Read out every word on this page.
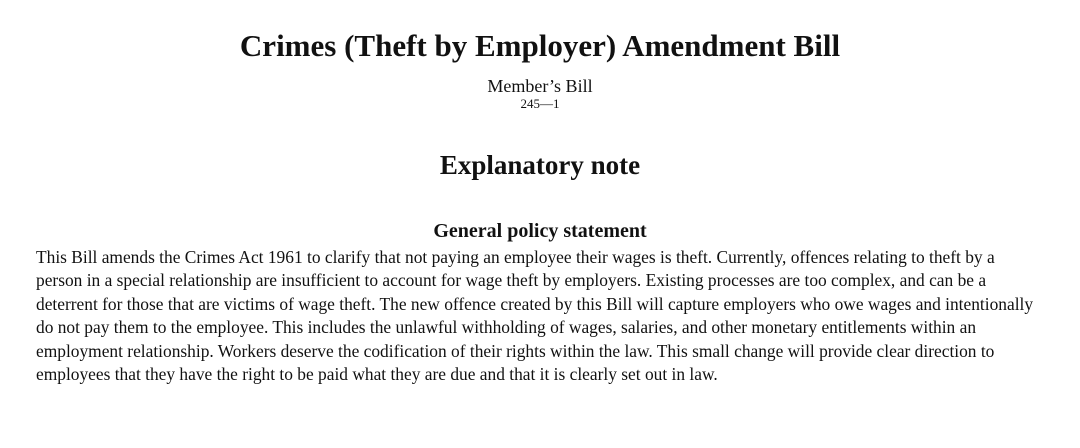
Crimes (Theft by Employer) Amendment Bill
Member’s Bill
245—1
Explanatory note
General policy statement

This Bill amends the Crimes Act 1961 to clarify that not paying an employee their wages is theft. Currently, offences relating to theft by a person in a special relationship are insufficient to account for wage theft by employers. Existing processes are too complex, and can be a deterrent for those that are victims of wage theft. The new offence created by this Bill will capture employers who owe wages and intentionally do not pay them to the employee. This includes the unlawful withholding of wages, salaries, and other monetary entitlements within an employment relationship. Workers deserve the codification of their rights within the law. This small change will provide clear direction to employees that they have the right to be paid what they are due and that it is clearly set out in law.
